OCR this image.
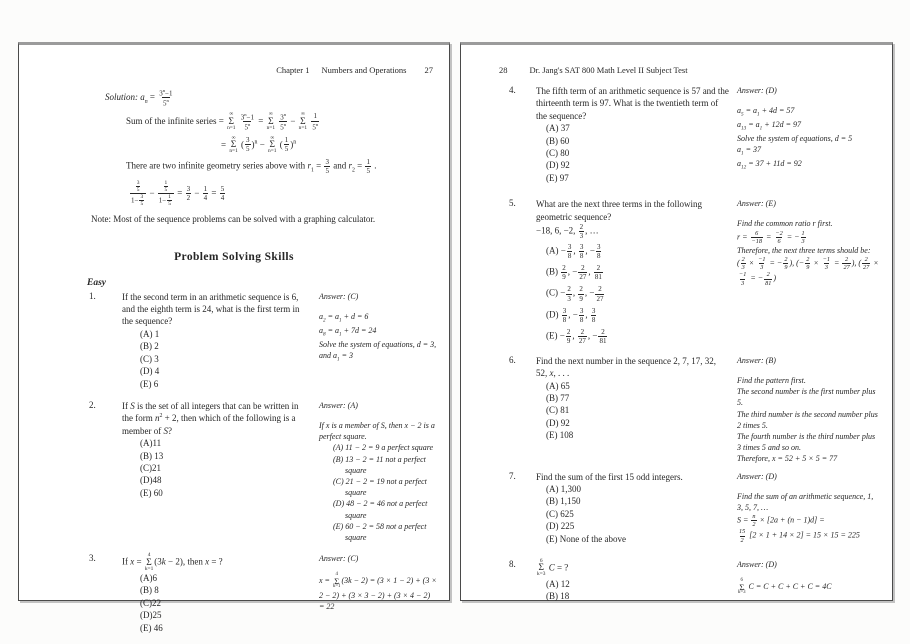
Chapter 1 Numbers and Operations 27
Solution: $a_n = \frac{3^n-1}{5^n}$
Sum of the infinite series =
∞
Σ
n=1
$\frac{3^n-1}{5^n}$ =
∞
Σ
n=1
$\frac{3^n}{5^n}$ −
∞
Σ
n=1
$\frac{1}{5^n}$
=
∞
Σ
n=1
( $\frac{3}{5} )^n$ −
∞
Σ
n=1
( $\frac{1}{5} )^n$
There are two infinite geometry series above with $r_1 = \frac{3}{5}$ and $r_2 = \frac{1}{5}$ .
$\frac{\frac{3}{5}}{1- \frac{3}{5}} - \frac{\frac{1}{5}}{1- \frac{1}{5}} = \frac{3}{2} - \frac{1}{4} = \frac{5}{4}$
Note: Most of the sequence problems can be solved with a graphing calculator.
Problem Solving Skills
Easy
1.	If the second term in an arithmetic sequence is 6, and the eighth term is 24, what is the first term in the sequence?
(A) 1
(B) 2
(C) 3
(D) 4
(E) 6
Answer: (C)
$a_2 = a_1 + d = 6$
$a_8 = a_1 + 7d = 24$
Solve the system of equations, d = 3,
and $a_1 = 3$
2.	If S is the set of all integers that can be written in the form $n^2 + 2$, then which of the following is a member of S?
(A)11
(B) 13
(C)21
(D)48
(E) 60
Answer: (A)
If x is a member of S, then x − 2 is a perfect square.
(A) 11 − 2 = 9 a perfect square
(B) 13 − 2 = 11 not a perfect square
(C) 21 − 2 = 19 not a perfect square
(D) 48 − 2 = 46 not a perfect square
(E) 60 − 2 = 58 not a perfect square
3.	If x =
4
Σ
k=1
(3k − 2), then x = ?
(A)6
(B) 8
(C)22
(D)25
(E) 46
Answer: (C)
x =
4
Σ
k=1
(3k − 2) = (3 × 1 − 2) + (3 × 2 − 2) + (3 × 3 − 2) + (3 × 4 − 2) = 22
28	Dr. Jang's SAT 800 Math Level II Subject Test
4.	The fifth term of an arithmetic sequence is 57 and the thirteenth term is 97. What is the twentieth term of the sequence?
(A) 37
(B) 60
(C) 80
(D) 92
(E) 97
Answer: (D)
$a_5 = a_1 + 4d = 57$
$a_{13} = a_1 + 12d = 97$
Solve the system of equations, d = 5
$a_1 = 37$
$a_{12} = 37 + 11d = 92$
5.	What are the next three terms in the following geometric sequence?
−18, 6, −2, $\frac{2}{3}$ , …
$(A) - \frac{3}{8}$ , $\frac{3}{8}$ , − $\frac{3}{8}$
$(B) \frac{2}{9}$ , − $\frac{2}{27}$ , $\frac{2}{81}$
$(C) - \frac{2}{3}$ , $\frac{2}{9}$ , − $\frac{2}{27}$
$(D) \frac{3}{8}$ , − $\frac{3}{8}$ , $\frac{3}{8}$
$(E) - \frac{2}{9}$ , $\frac{2}{27}$ , − $\frac{2}{81}$
Answer: (E)
Find the common ratio r first.
$r = \frac{6}{-18} = \frac{-2}{6}$ = − $\frac{1}{3}$
Therefore, the next three terms should be:
( $\frac{2}{3} \times \frac{-1}{3}$ = − $\frac{2}{9}$ ), (− $\frac{2}{9} \times \frac{-1}{3} = \frac{2}{27}$ ), ( $\frac{2}{27}$ ×
$\frac{-1}{3}$ = − $\frac{2}{81}$ )
6.	Find the next number in the sequence 2, 7, 17, 32, 52, x, . . .
(A) 65
(B) 77
(C) 81
(D) 92
(E) 108
Answer: (B)
Find the pattern first.
The second number is the first number plus 5.
The third number is the second number plus 2 times 5.
The fourth number is the third number plus 3 times 5 and so on.
Therefore, x = 52 + 5 × 5 = 77
7.	Find the sum of the first 15 odd integers.
(A) 1,300
(B) 1,150
(C) 625
(D) 225
(E) None of the above
Answer: (D)
Find the sum of an arithmetic sequence, 1, 3, 5, 7, …
$S = \frac{n}{2} \times [2a + (n - 1)d]$ =
$\frac{15}{2} [2 \times 1 + 14 \times 2] = 15 \times 15 = 225$
8.	6
Σ
k=3
C = ?
(A) 12
(B) 18
Answer: (D)
6
Σ
k=3
C = C + C + C + C = 4C
